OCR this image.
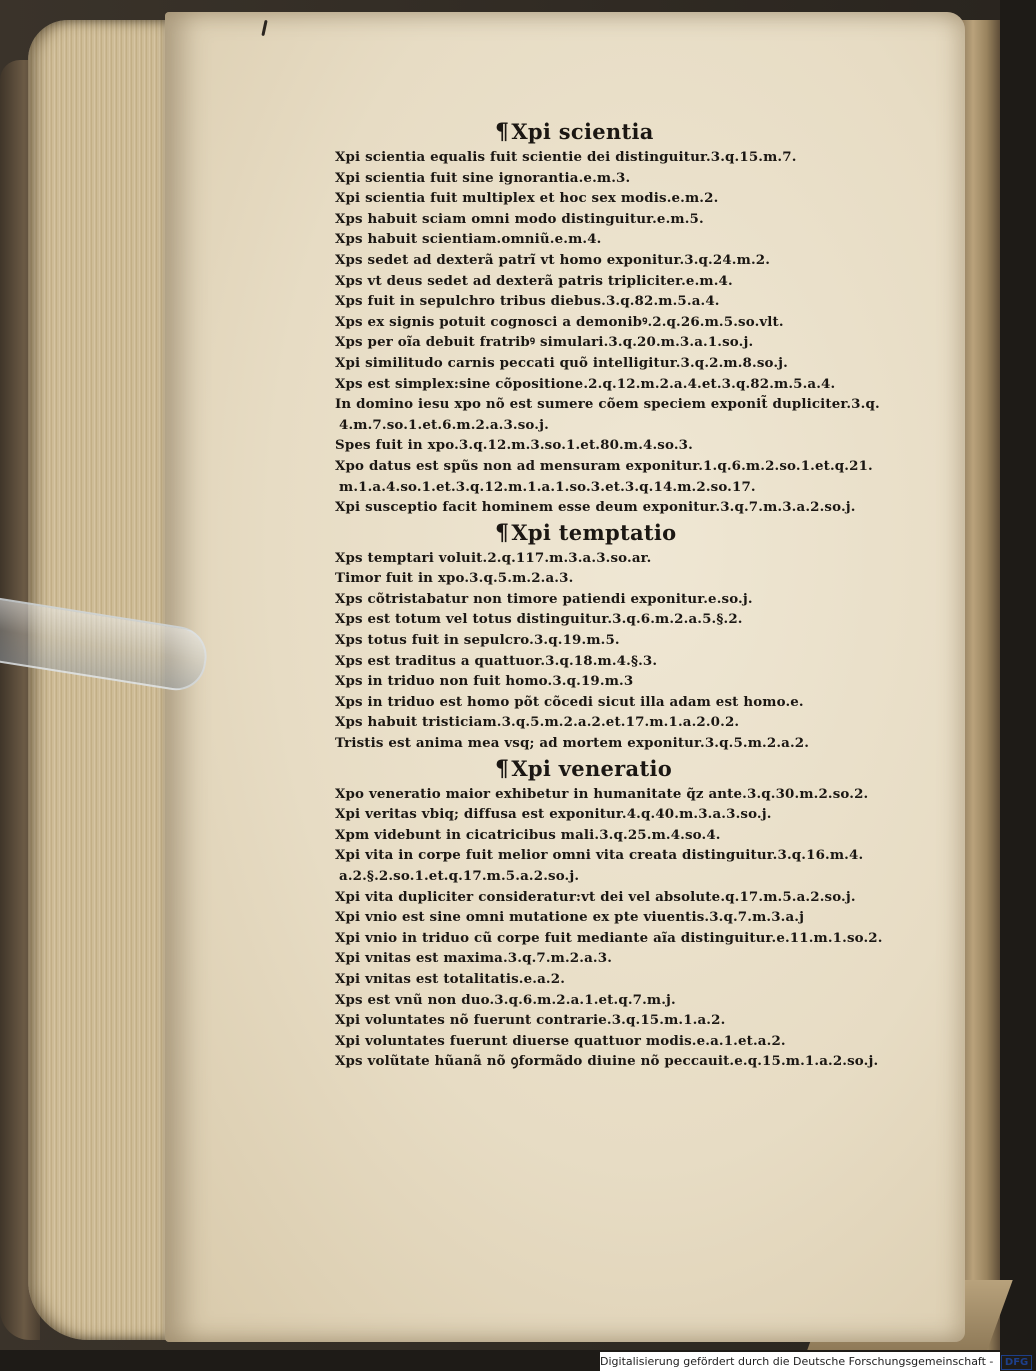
¶Xpi scientia
Xpi scientia equalis fuit scientie dei distinguitur.3.q.15.m.7.
Xpi scientia fuit sine ignorantia.e.m.3.
Xpi scientia fuit multiplex et hoc sex modis.e.m.2.
Xps habuit sciam omni modo distinguitur.e.m.5.
Xps habuit scientiam.omniũ.e.m.4.
Xps sedet ad dexterã patrĩ vt homo exponitur.3.q.24.m.2.
Xps vt deus sedet ad dexterã patris tripliciter.e.m.4.
Xps fuit in sepulchro tribus diebus.3.q.82.m.5.a.4.
Xps ex signis potuit cognosci a demonibꝰ.2.q.26.m.5.so.vlt.
Xps per oĩa debuit fratribꝰ simulari.3.q.20.m.3.a.1.so.j.
Xpi similitudo carnis peccati quõ intelligitur.3.q.2.m.8.so.j.
Xps est simplex:sine cõpositione.2.q.12.m.2.a.4.et.3.q.82.m.5.a.4.
In domino iesu xpo nõ est sumere cõem speciem exponit̃ dupliciter.3.q.
4.m.7.so.1.et.6.m.2.a.3.so.j.
Spes fuit in xpo.3.q.12.m.3.so.1.et.80.m.4.so.3.
Xpo datus est spũs non ad mensuram exponitur.1.q.6.m.2.so.1.et.q.21.
m.1.a.4.so.1.et.3.q.12.m.1.a.1.so.3.et.3.q.14.m.2.so.17.
Xpi susceptio facit hominem esse deum exponitur.3.q.7.m.3.a.2.so.j.
¶Xpi temptatio
Xps temptari voluit.2.q.117.m.3.a.3.so.ar.
Timor fuit in xpo.3.q.5.m.2.a.3.
Xps cõtristabatur non timore patiendi exponitur.e.so.j.
Xps est totum vel totus distinguitur.3.q.6.m.2.a.5.§.2.
Xps totus fuit in sepulcro.3.q.19.m.5.
Xps est traditus a quattuor.3.q.18.m.4.§.3.
Xps in triduo non fuit homo.3.q.19.m.3
Xps in triduo est homo põt cõcedi sicut illa adam est homo.e.
Xps habuit tristiciam.3.q.5.m.2.a.2.et.17.m.1.a.2.0.2.
Tristis est anima mea vsq; ad mortem exponitur.3.q.5.m.2.a.2.
¶Xpi veneratio
Xpo veneratio maior exhibetur in humanitate q̃z ante.3.q.30.m.2.so.2.
Xpi veritas vbiq; diffusa est exponitur.4.q.40.m.3.a.3.so.j.
Xpm videbunt in cicatricibus mali.3.q.25.m.4.so.4.
Xpi vita in corpe fuit melior omni vita creata distinguitur.3.q.16.m.4.
a.2.§.2.so.1.et.q.17.m.5.a.2.so.j.
Xpi vita dupliciter consideratur:vt dei vel absolute.q.17.m.5.a.2.so.j.
Xpi vnio est sine omni mutatione ex pte viuentis.3.q.7.m.3.a.j
Xpi vnio in triduo cũ corpe fuit mediante aĩa distinguitur.e.11.m.1.so.2.
Xpi vnitas est maxima.3.q.7.m.2.a.3.
Xpi vnitas est totalitatis.e.a.2.
Xps est vnũ non duo.3.q.6.m.2.a.1.et.q.7.m.j.
Xpi voluntates nõ fuerunt contrarie.3.q.15.m.1.a.2.
Xpi voluntates fuerunt diuerse quattuor modis.e.a.1.et.a.2.
Xps volũtate hũanã nõ ꝯformãdo diuine nõ peccauit.e.q.15.m.1.a.2.so.j.
Digitalisierung gefördert durch die Deutsche Forschungsgemeinschaft - DFG
